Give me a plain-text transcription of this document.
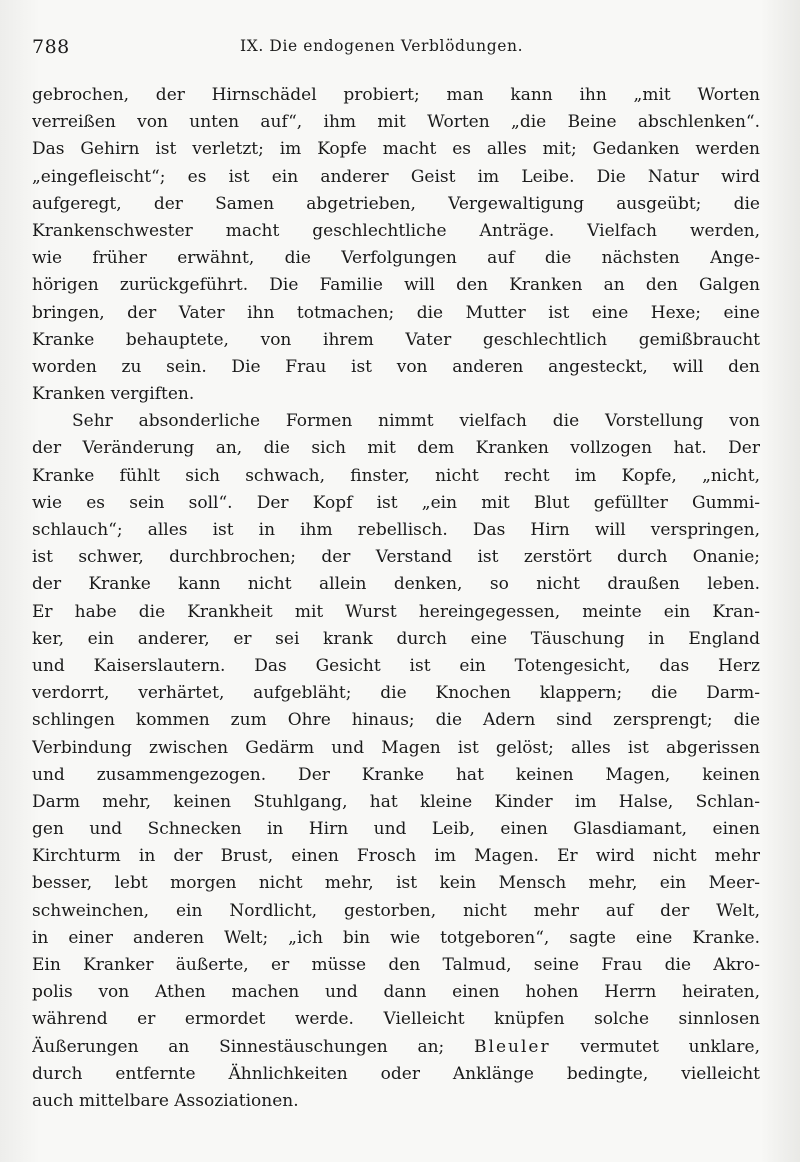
788	IX. Die endogenen Verblödungen.
gebrochen, der Hirnschädel probiert; man kann ihn „mit Worten
verreißen von unten auf“, ihm mit Worten „die Beine abschlenken“.
Das Gehirn ist verletzt; im Kopfe macht es alles mit; Gedanken werden
„eingefleischt“; es ist ein anderer Geist im Leibe. Die Natur wird
aufgeregt, der Samen abgetrieben, Vergewaltigung ausgeübt; die
Krankenschwester macht geschlechtliche Anträge. Vielfach werden,
wie früher erwähnt, die Verfolgungen auf die nächsten Ange-
hörigen zurückgeführt. Die Familie will den Kranken an den Galgen
bringen, der Vater ihn totmachen; die Mutter ist eine Hexe; eine
Kranke behauptete, von ihrem Vater geschlechtlich gemißbraucht
worden zu sein. Die Frau ist von anderen angesteckt, will den
Kranken vergiften.
Sehr absonderliche Formen nimmt vielfach die Vorstellung von
der Veränderung an, die sich mit dem Kranken vollzogen hat. Der
Kranke fühlt sich schwach, finster, nicht recht im Kopfe, „nicht,
wie es sein soll“. Der Kopf ist „ein mit Blut gefüllter Gummi-
schlauch“; alles ist in ihm rebellisch. Das Hirn will verspringen,
ist schwer, durchbrochen; der Verstand ist zerstört durch Onanie;
der Kranke kann nicht allein denken, so nicht draußen leben.
Er habe die Krankheit mit Wurst hereingegessen, meinte ein Kran-
ker, ein anderer, er sei krank durch eine Täuschung in England
und Kaiserslautern. Das Gesicht ist ein Totengesicht, das Herz
verdorrt, verhärtet, aufgebläht; die Knochen klappern; die Darm-
schlingen kommen zum Ohre hinaus; die Adern sind zersprengt; die
Verbindung zwischen Gedärm und Magen ist gelöst; alles ist abgerissen
und zusammengezogen. Der Kranke hat keinen Magen, keinen
Darm mehr, keinen Stuhlgang, hat kleine Kinder im Halse, Schlan-
gen und Schnecken in Hirn und Leib, einen Glasdiamant, einen
Kirchturm in der Brust, einen Frosch im Magen. Er wird nicht mehr
besser, lebt morgen nicht mehr, ist kein Mensch mehr, ein Meer-
schweinchen, ein Nordlicht, gestorben, nicht mehr auf der Welt,
in einer anderen Welt; „ich bin wie totgeboren“, sagte eine Kranke.
Ein Kranker äußerte, er müsse den Talmud, seine Frau die Akro-
polis von Athen machen und dann einen hohen Herrn heiraten,
während er ermordet werde. Vielleicht knüpfen solche sinnlosen
Äußerungen an Sinnestäuschungen an; Bleuler vermutet unklare,
durch entfernte Ähnlichkeiten oder Anklänge bedingte, vielleicht
auch mittelbare Assoziationen.
